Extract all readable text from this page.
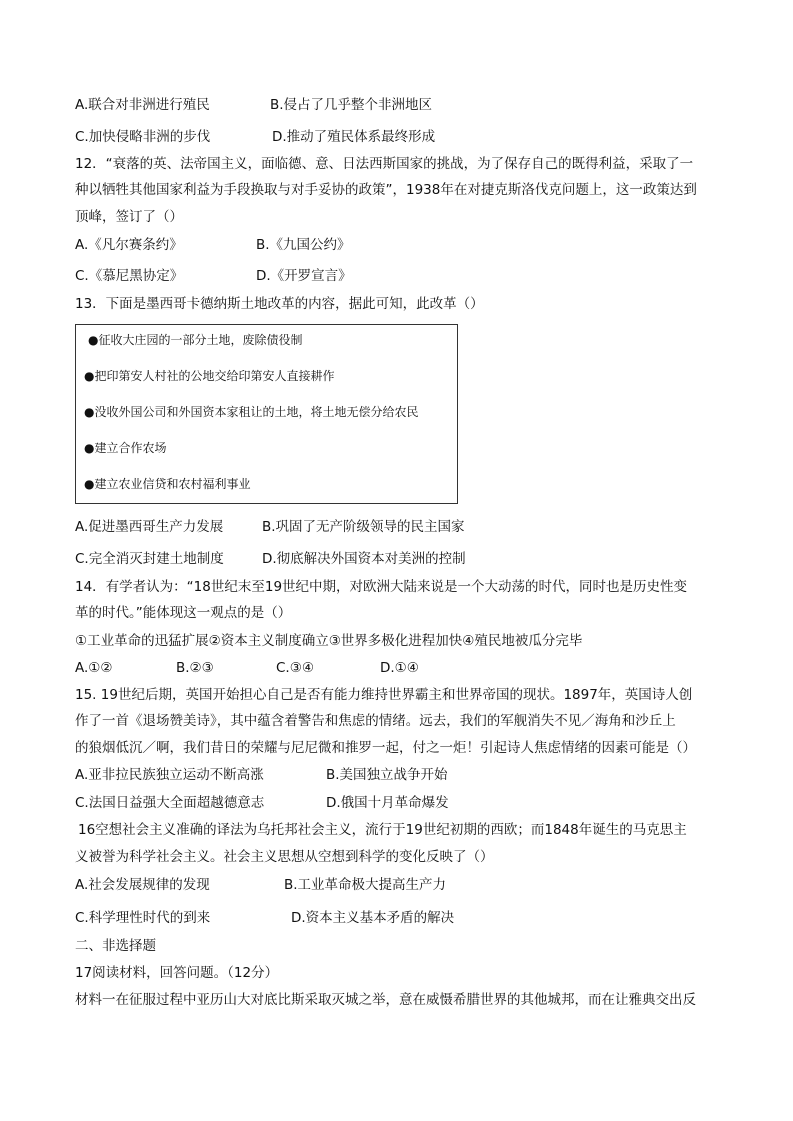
A.联合对非洲进行殖民	B.侵占了几乎整个非洲地区
C.加快侵略非洲的步伐	D.推动了殖民体系最终形成
12．“衰落的英、法帝国主义，面临德、意、日法西斯国家的挑战，为了保存自己的既得利益，采取了一
种以牺牲其他国家利益为手段换取与对手妥协的政策”，1938年在对捷克斯洛伐克问题上，这一政策达到
顶峰，签订了（）
A.《凡尔赛条约》	B.《九国公约》
C.《慕尼黑协定》	D.《开罗宣言》
13．下面是墨西哥卡德纳斯土地改革的内容，据此可知，此改革（）
●征收大庄园的一部分土地，废除债役制
●把印第安人村社的公地交给印第安人直接耕作
●没收外国公司和外国资本家租让的土地，将土地无偿分给农民
●建立合作农场
●建立农业信贷和农村福利事业
A.促进墨西哥生产力发展	B.巩固了无产阶级领导的民主国家
C.完全消灭封建土地制度	D.彻底解决外国资本对美洲的控制
14．有学者认为：“18世纪末至19世纪中期，对欧洲大陆来说是一个大动荡的时代，同时也是历史性变
革的时代。”能体现这一观点的是（）
①工业革命的迅猛扩展②资本主义制度确立③世界多极化进程加快④殖民地被瓜分完毕
A.①②	B.②③	C.③④	D.①④
15. 19世纪后期，英国开始担心自己是否有能力维持世界霸主和世界帝国的现状。1897年，英国诗人创
作了一首《退场赞美诗》，其中蕴含着警告和焦虑的情绪。远去，我们的军舰消失不见／海角和沙丘上
的狼烟低沉／啊，我们昔日的荣耀与尼尼微和推罗一起，付之一炬！引起诗人焦虑情绪的因素可能是（）
A.亚非拉民族独立运动不断高涨	B.美国独立战争开始
C.法国日益强大全面超越德意志	D.俄国十月革命爆发
16空想社会主义准确的译法为乌托邦社会主义，流行于19世纪初期的西欧；而1848年诞生的马克思主
义被誉为科学社会主义。社会主义思想从空想到科学的变化反映了（）
A.社会发展规律的发现	B.工业革命极大提高生产力
C.科学理性时代的到来	D.资本主义基本矛盾的解决
二、非选择题
17阅读材料，回答问题。（12分）
材料一在征服过程中亚历山大对底比斯采取灭城之举，意在威慑希腊世界的其他城邦，而在让雅典交出反
